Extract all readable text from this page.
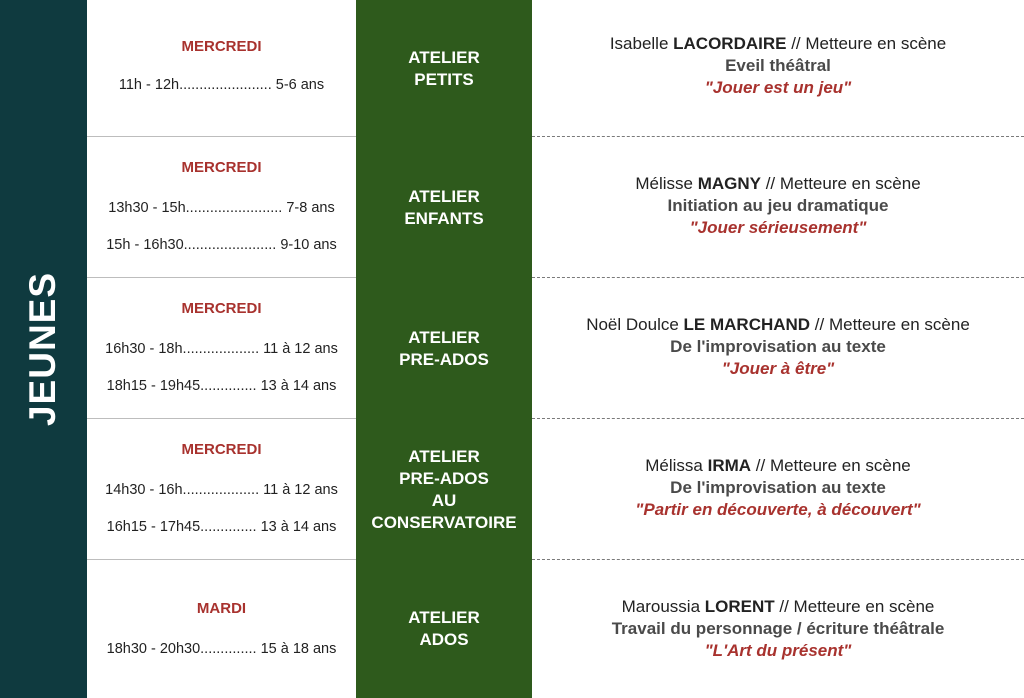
JEUNES
MERCREDI
11h - 12h....................... 5-6 ans
ATELIER
PETITS
Isabelle LACORDAIRE // Metteure en scène
Eveil théâtral
"Jouer est un jeu"
MERCREDI
13h30 - 15h........................ 7-8 ans
15h - 16h30....................... 9-10 ans
ATELIER
ENFANTS
Mélisse MAGNY // Metteure en scène
Initiation au jeu dramatique
"Jouer sérieusement"
MERCREDI
16h30 - 18h................... 11 à 12 ans
18h15 - 19h45.............. 13 à 14 ans
ATELIER
PRE-ADOS
Noël Doulce LE MARCHAND // Metteure en scène
De l'improvisation au texte
"Jouer à être"
MERCREDI
14h30 - 16h................... 11 à 12 ans
16h15 - 17h45.............. 13 à 14 ans
ATELIER
PRE-ADOS
AU
CONSERVATOIRE
Mélissa IRMA // Metteure en scène
De l'improvisation au texte
"Partir en découverte, à découvert"
MARDI
18h30 - 20h30.............. 15 à 18 ans
ATELIER
ADOS
Maroussia LORENT // Metteure en scène
Travail du personnage / écriture théâtrale
"L'Art du présent"
